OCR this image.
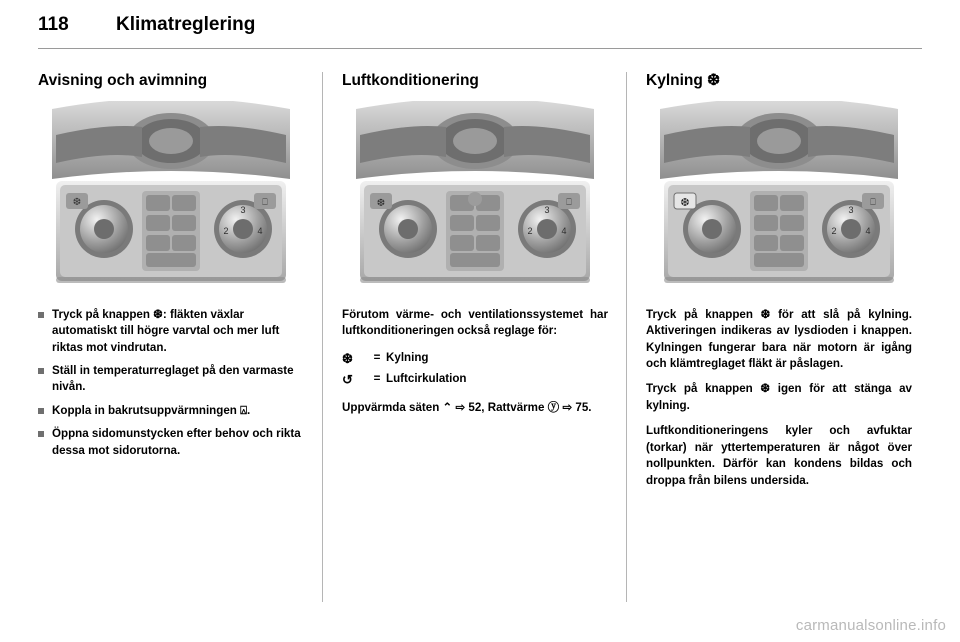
118 Klimatreglering
Avisning och avimning
3
2	4
❆	⎕
Tryck på knappen ❆: fläkten växlar automatiskt till högre varvtal och mer luft riktas mot vindrutan.
Ställ in temperaturreglaget på den varmaste nivån.
Koppla in bakrutsuppvärmningen ⍓.
Öppna sidomunstycken efter behov och rikta dessa mot sidorutorna.
Luftkonditionering
3
2	4
❆	⎕

Förutom värme- och ventilationssystemet har luftkonditioneringen också reglage för:

❆	= Kylning
↺	= Luftcirkulation

Uppvärmda säten ⌃ ⇨ 52, Rattvärme ⓨ ⇨ 75.

Kylning ❆
3
2	4
❆	⎕

Tryck på knappen ❆ för att slå på kylning. Aktiveringen indikeras av lysdioden i knappen. Kylningen fungerar bara när motorn är igång och klämtreglaget fläkt är påslagen.

Tryck på knappen ❆ igen för att stänga av kylning.

Luftkonditioneringens kyler och avfuktar (torkar) när yttertemperaturen är något över nollpunkten. Därför kan kondens bildas och droppa från bilens undersida.

carmanualsonline.info
